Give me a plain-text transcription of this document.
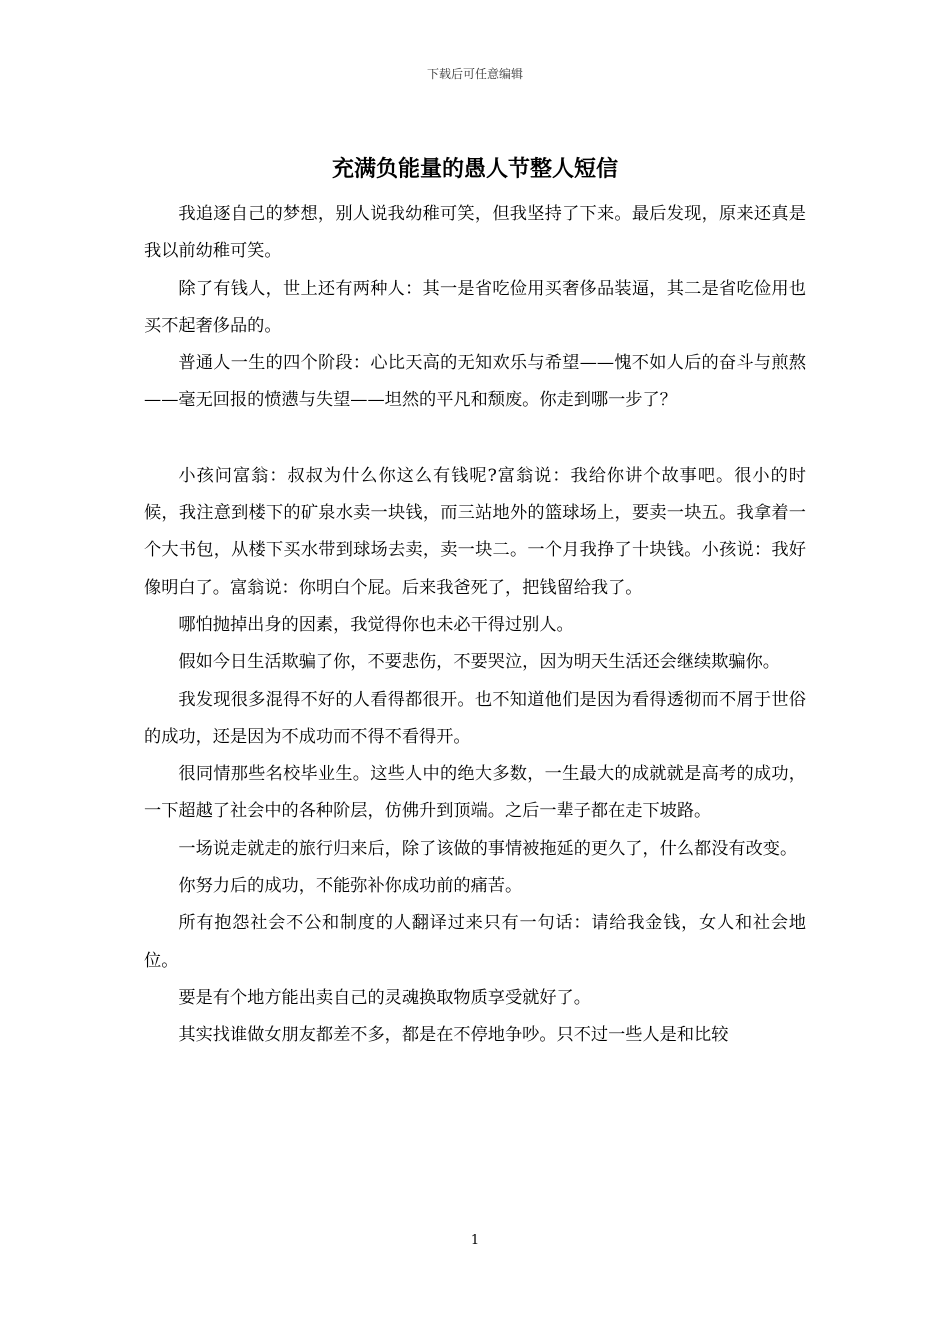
下载后可任意编辑
充满负能量的愚人节整人短信

我追逐自己的梦想，别人说我幼稚可笑，但我坚持了下来。最后发现，原来还真是我以前幼稚可笑。

除了有钱人，世上还有两种人：其一是省吃俭用买奢侈品装逼，其二是省吃俭用也买不起奢侈品的。

普通人一生的四个阶段：心比天高的无知欢乐与希望——愧不如人后的奋斗与煎熬——毫无回报的愤懑与失望——坦然的平凡和颓废。你走到哪一步了？

小孩问富翁：叔叔为什么你这么有钱呢?富翁说：我给你讲个故事吧。很小的时候，我注意到楼下的矿泉水卖一块钱，而三站地外的篮球场上，要卖一块五。我拿着一个大书包，从楼下买水带到球场去卖，卖一块二。一个月我挣了十块钱。小孩说：我好像明白了。富翁说：你明白个屁。后来我爸死了，把钱留给我了。

哪怕抛掉出身的因素，我觉得你也未必干得过别人。

假如今日生活欺骗了你，不要悲伤，不要哭泣，因为明天生活还会继续欺骗你。

我发现很多混得不好的人看得都很开。也不知道他们是因为看得透彻而不屑于世俗的成功，还是因为不成功而不得不看得开。

很同情那些名校毕业生。这些人中的绝大多数，一生最大的成就就是高考的成功，一下超越了社会中的各种阶层，仿佛升到顶端。之后一辈子都在走下坡路。

一场说走就走的旅行归来后，除了该做的事情被拖延的更久了，什么都没有改变。

你努力后的成功，不能弥补你成功前的痛苦。

所有抱怨社会不公和制度的人翻译过来只有一句话：请给我金钱，女人和社会地位。

要是有个地方能出卖自己的灵魂换取物质享受就好了。

其实找谁做女朋友都差不多，都是在不停地争吵。只不过一些人是和比较

1
